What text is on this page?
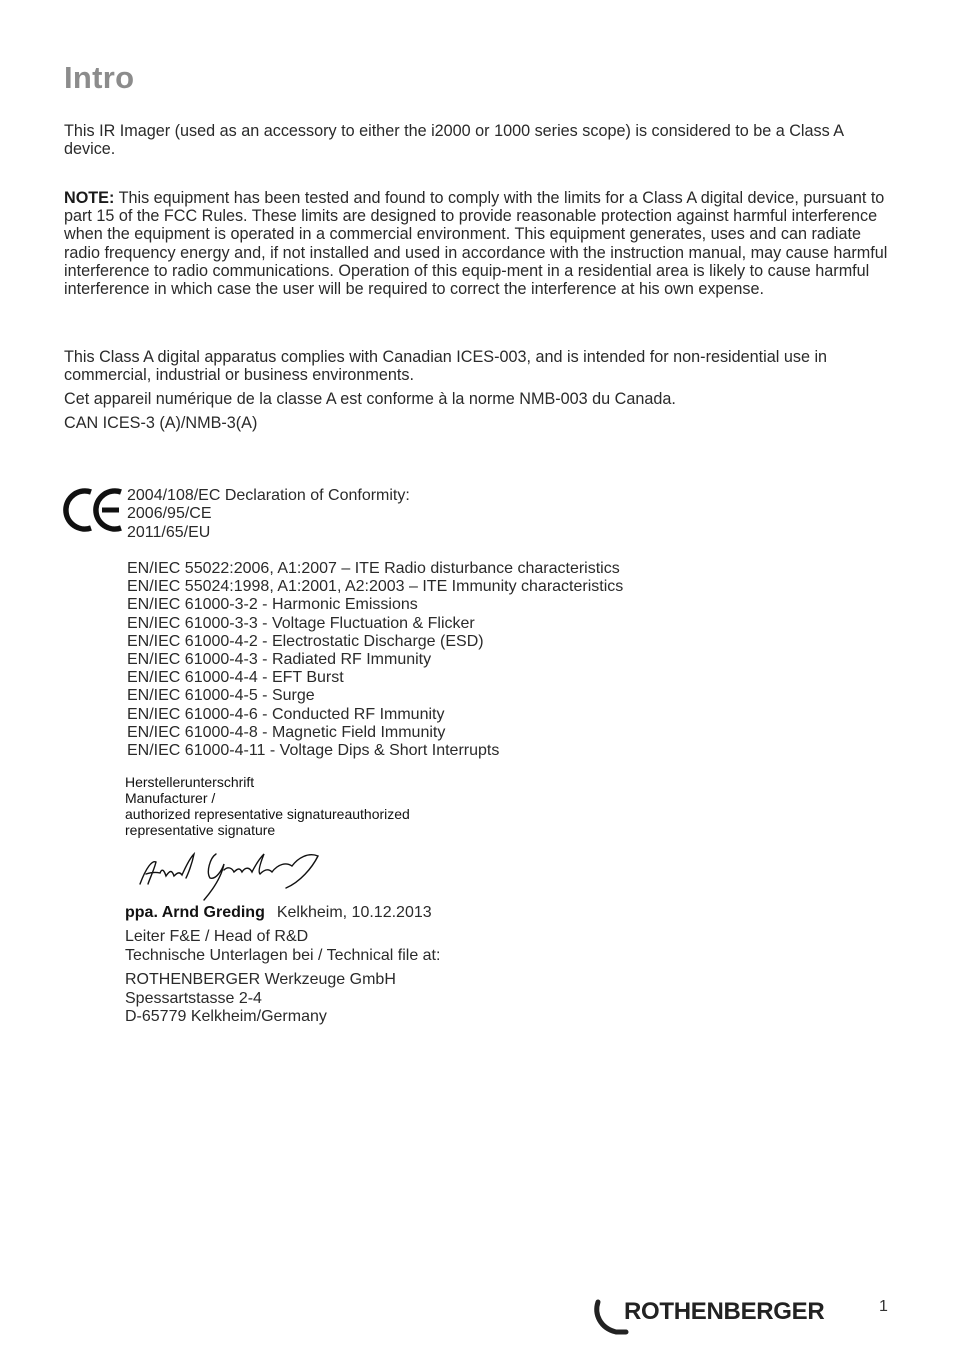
Intro

This IR Imager (used as an accessory to either the i2000 or 1000 series scope) is considered to be a Class A device.

NOTE: This equipment has been tested and found to comply with the limits for a Class A digital device, pursuant to part 15 of the FCC Rules. These limits are designed to provide reasonable protection against harmful interference when the equipment is operated in a commercial environment. This equipment generates, uses and can radiate radio frequency energy and, if not installed and used in accordance with the instruction manual, may cause harmful interference to radio communications. Operation of this equip-ment in a residential area is likely to cause harmful interference in which case the user will be required to correct the interference at his own expense.

This Class A digital apparatus complies with Canadian ICES-003, and is intended for non-residential use in commercial, industrial or business environments.

Cet appareil numérique de la classe A est conforme à la norme NMB-003 du Canada.

CAN ICES-3 (A)/NMB-3(A)

2004/108/EC Declaration of Conformity:
2006/95/CE
2011/65/EU
EN/IEC 55022:2006, A1:2007 – ITE Radio disturbance characteristics
EN/IEC 55024:1998, A1:2001, A2:2003 – ITE Immunity characteristics
EN/IEC 61000-3-2 - Harmonic Emissions
EN/IEC 61000-3-3 - Voltage Fluctuation & Flicker
EN/IEC 61000-4-2 - Electrostatic Discharge (ESD)
EN/IEC 61000-4-3 - Radiated RF Immunity
EN/IEC 61000-4-4 - EFT Burst
EN/IEC 61000-4-5 - Surge
EN/IEC 61000-4-6 - Conducted RF Immunity
EN/IEC 61000-4-8 - Magnetic Field Immunity
EN/IEC 61000-4-11 - Voltage Dips & Short Interrupts
Herstellerunterschrift
Manufacturer /
authorized representative signatureauthorized
representative signature
ppa. Arnd Greding Kelkheim, 10.12.2013
Leiter F&E / Head of R&D
Technische Unterlagen bei / Technical file at:
ROTHENBERGER Werkzeuge GmbH
Spessartstasse 2-4
D-65779 Kelkheim/Germany
ROTHENBERGER	1
